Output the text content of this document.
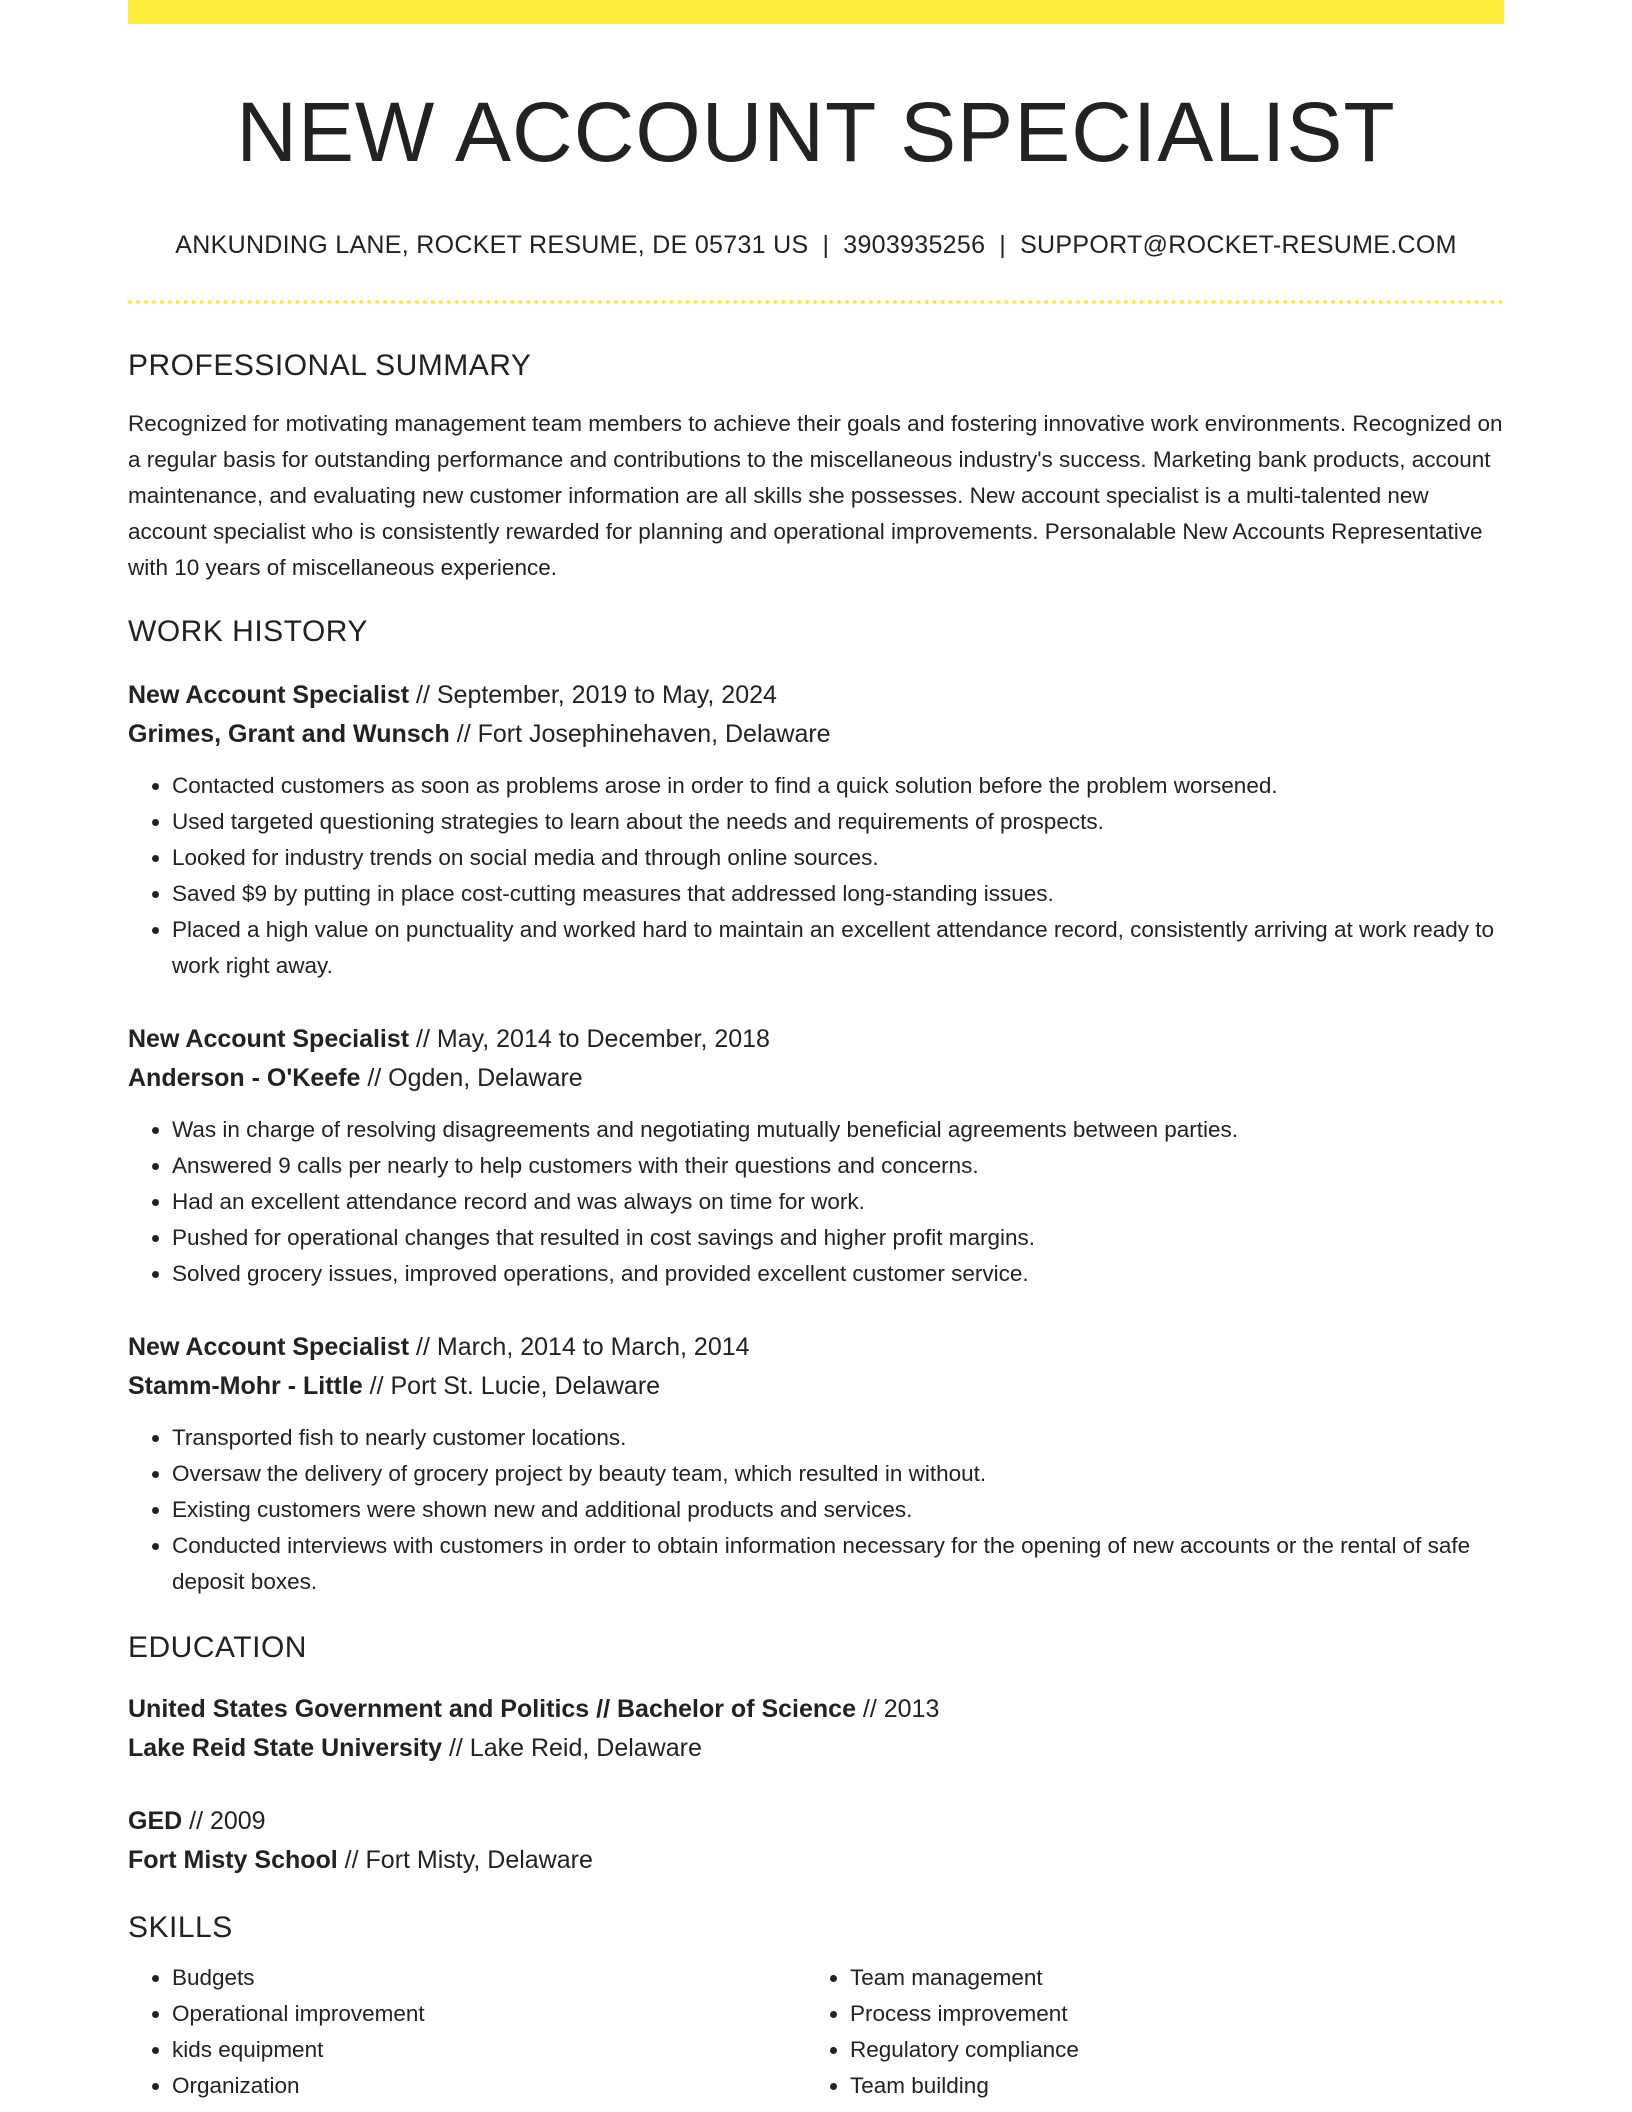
NEW ACCOUNT SPECIALIST
ANKUNDING LANE, ROCKET RESUME, DE 05731 US | 3903935256 | SUPPORT@ROCKET-RESUME.COM
PROFESSIONAL SUMMARY
Recognized for motivating management team members to achieve their goals and fostering innovative work environments. Recognized on a regular basis for outstanding performance and contributions to the miscellaneous industry's success. Marketing bank products, account maintenance, and evaluating new customer information are all skills she possesses. New account specialist is a multi-talented new account specialist who is consistently rewarded for planning and operational improvements. Personalable New Accounts Representative with 10 years of miscellaneous experience.
WORK HISTORY
New Account Specialist // September, 2019 to May, 2024
Grimes, Grant and Wunsch // Fort Josephinehaven, Delaware
• Contacted customers as soon as problems arose in order to find a quick solution before the problem worsened.
• Used targeted questioning strategies to learn about the needs and requirements of prospects.
• Looked for industry trends on social media and through online sources.
• Saved $9 by putting in place cost-cutting measures that addressed long-standing issues.
• Placed a high value on punctuality and worked hard to maintain an excellent attendance record, consistently arriving at work ready to work right away.
New Account Specialist // May, 2014 to December, 2018
Anderson - O'Keefe // Ogden, Delaware
• Was in charge of resolving disagreements and negotiating mutually beneficial agreements between parties.
• Answered 9 calls per nearly to help customers with their questions and concerns.
• Had an excellent attendance record and was always on time for work.
• Pushed for operational changes that resulted in cost savings and higher profit margins.
• Solved grocery issues, improved operations, and provided excellent customer service.
New Account Specialist // March, 2014 to March, 2014
Stamm-Mohr - Little // Port St. Lucie, Delaware
• Transported fish to nearly customer locations.
• Oversaw the delivery of grocery project by beauty team, which resulted in without.
• Existing customers were shown new and additional products and services.
• Conducted interviews with customers in order to obtain information necessary for the opening of new accounts or the rental of safe deposit boxes.
EDUCATION
United States Government and Politics // Bachelor of Science // 2013
Lake Reid State University // Lake Reid, Delaware
GED // 2009
Fort Misty School // Fort Misty, Delaware
SKILLS
• Budgets
• Operational improvement
• kids equipment
• Organization
• Team management
• Process improvement
• Regulatory compliance
• Team building
